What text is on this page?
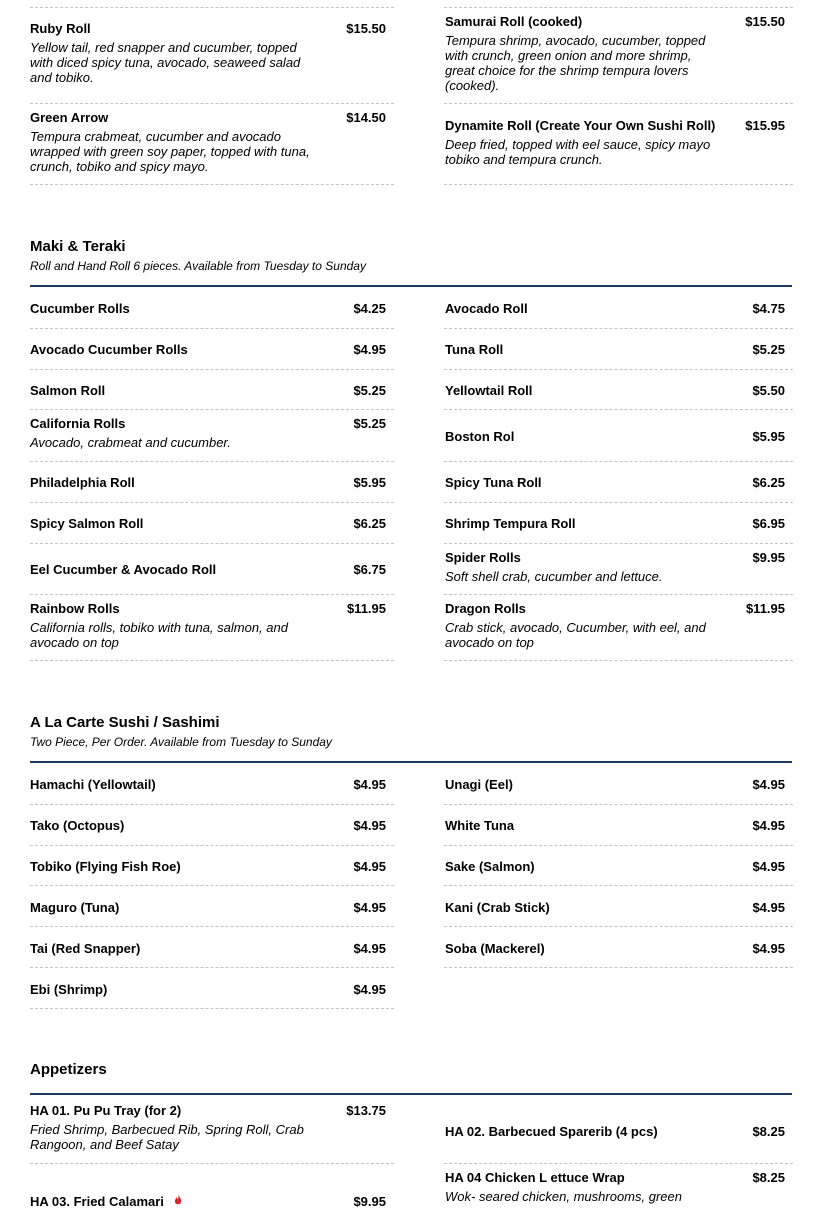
Ruby Roll	$15.50
Yellow tail, red snapper and cucumber, topped with diced spicy tuna, avocado, seaweed salad and tobiko.
Green Arrow	$14.50
Tempura crabmeat, cucumber and avocado wrapped with green soy paper, topped with tuna, crunch, tobiko and spicy mayo.
Samurai Roll (cooked)	$15.50
Tempura shrimp, avocado, cucumber, topped with crunch, green onion and more shrimp, great choice for the shrimp tempura lovers (cooked).
Dynamite Roll (Create Your Own Sushi Roll) $15.95
Deep fried, topped with eel sauce, spicy mayo tobiko and tempura crunch.
Maki & Teraki
Roll and Hand Roll 6 pieces. Available from Tuesday to Sunday
Cucumber Rolls	$4.25
Avocado Cucumber Rolls	$4.95
Salmon Roll	$5.25
California Rolls	$5.25
Avocado, crabmeat and cucumber.
Philadelphia Roll	$5.95
Spicy Salmon Roll	$6.25
Eel Cucumber & Avocado Roll	$6.75
Rainbow Rolls	$11.95
California rolls, tobiko with tuna, salmon, and avocado on top
Avocado Roll	$4.75
Tuna Roll	$5.25
Yellowtail Roll	$5.50
Boston Rol	$5.95
Spicy Tuna Roll	$6.25
Shrimp Tempura Roll	$6.95
Spider Rolls	$9.95
Soft shell crab, cucumber and lettuce.
Dragon Rolls	$11.95
Crab stick, avocado, Cucumber, with eel, and avocado on top
A La Carte Sushi / Sashimi
Two Piece, Per Order. Available from Tuesday to Sunday
Hamachi (Yellowtail)	$4.95
Tako (Octopus)	$4.95
Tobiko (Flying Fish Roe)	$4.95
Maguro (Tuna)	$4.95
Tai (Red Snapper)	$4.95
Ebi (Shrimp)	$4.95
Unagi (Eel)	$4.95
White Tuna	$4.95
Sake (Salmon)	$4.95
Kani (Crab Stick)	$4.95
Soba (Mackerel)	$4.95
Appetizers
HA 01. Pu Pu Tray (for 2)	$13.75
Fried Shrimp, Barbecued Rib, Spring Roll, Crab Rangoon, and Beef Satay
HA 03. Fried Calamari	$9.95
HA 02. Barbecued Sparerib (4 pcs)	$8.25
HA 04 Chicken L ettuce Wrap	$8.25
Wok- seared chicken, mushrooms, green
